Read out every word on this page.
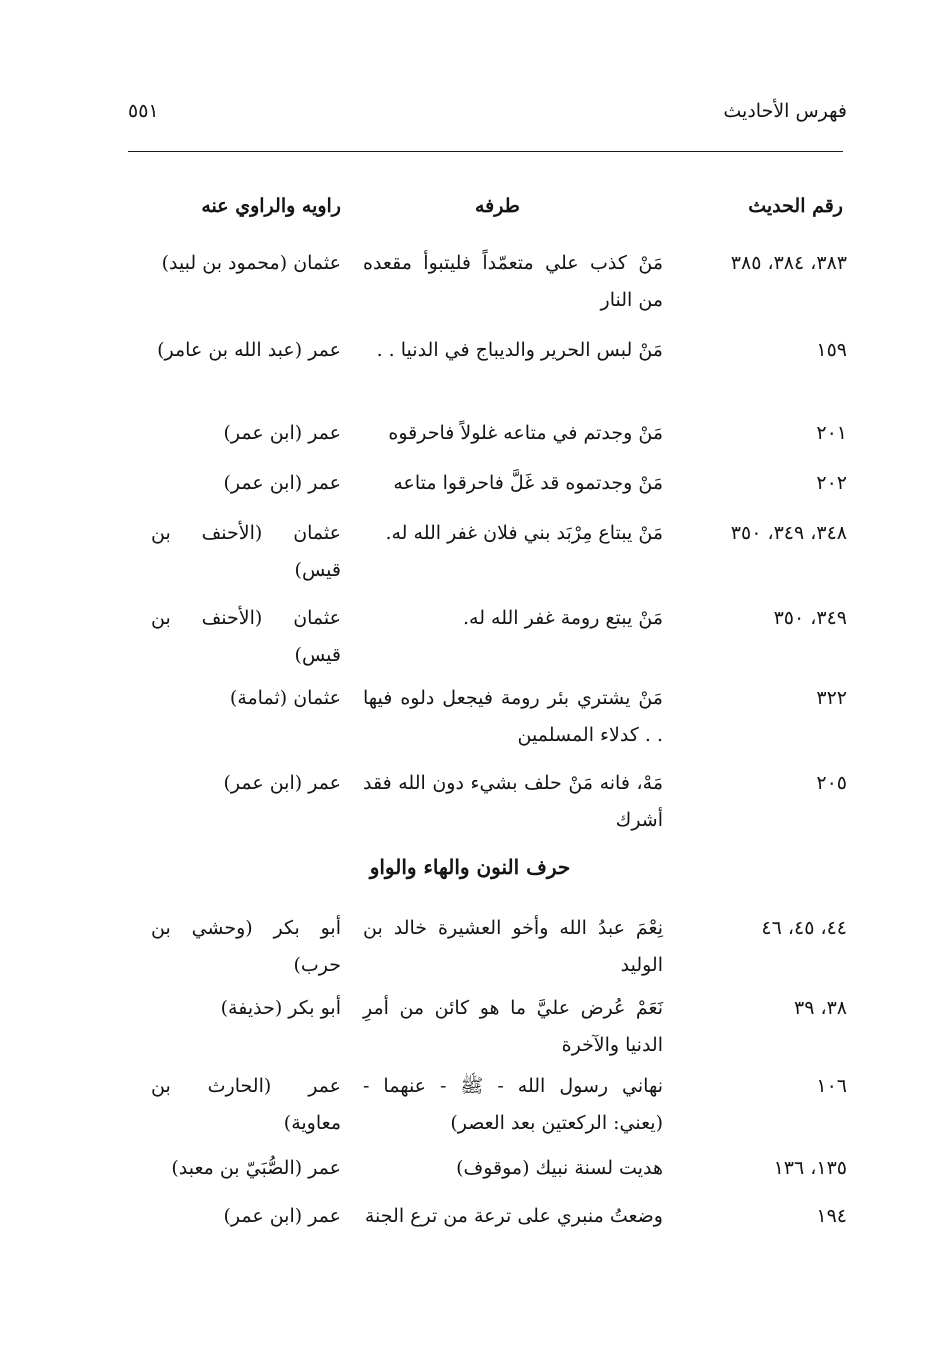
فهرس الأحاديث
٥٥١
رقم الحديث
طرفه
راويه والراوي عنه
٣٨٣، ٣٨٤، ٣٨٥
مَنْ كذب علي متعمّداً فليتبوأ مقعده من النار
عثمان (محمود بن لبيد)
١٥٩
مَنْ لبس الحرير والديباج في الدنيا . .
عمر (عبد الله بن عامر)
٢٠١
مَنْ وجدتم في متاعه غلولاً فاحرقوه
عمر (ابن عمر)
٢٠٢
مَنْ وجدتموه قد غَلَّ فاحرقوا متاعه
عمر (ابن عمر)
٣٤٨، ٣٤٩، ٣٥٠
مَنْ يبتاع مِرْبَد بني فلان غفر الله له.
عثمان (الأحنف بن قيس)
٣٤٩، ٣٥٠
مَنْ يبتع رومة غفر الله له.
عثمان (الأحنف بن قيس)
٣٢٢
مَنْ يشتري بئر رومة فيجعل دلوه فيها . . كدلاء المسلمين
عثمان (ثمامة)
٢٠٥
مَهْ، فانه مَنْ حلف بشيء دون الله فقد أشرك
عمر (ابن عمر)
حرف النون والهاء والواو
٤٤، ٤٥، ٤٦
نِعْمَ عبدُ الله وأخو العشيرة خالد بن الوليد
أبو بكر (وحشي بن حرب)
٣٨، ٣٩
نَعَمْ عُرض عليَّ ما هو كائن من أمرِ الدنيا والآخرة
أبو بكر (حذيفة)
١٠٦
نهاني رسول الله - ﷺ - عنهما - (يعني: الركعتين بعد العصر)
عمر (الحارث بن معاوية)
١٣٥، ١٣٦
هديت لسنة نبيك (موقوف)
عمر (الصُّبَيّ بن معبد)
١٩٤
وضعتُ منبري على ترعة من ترع الجنة
عمر (ابن عمر)
